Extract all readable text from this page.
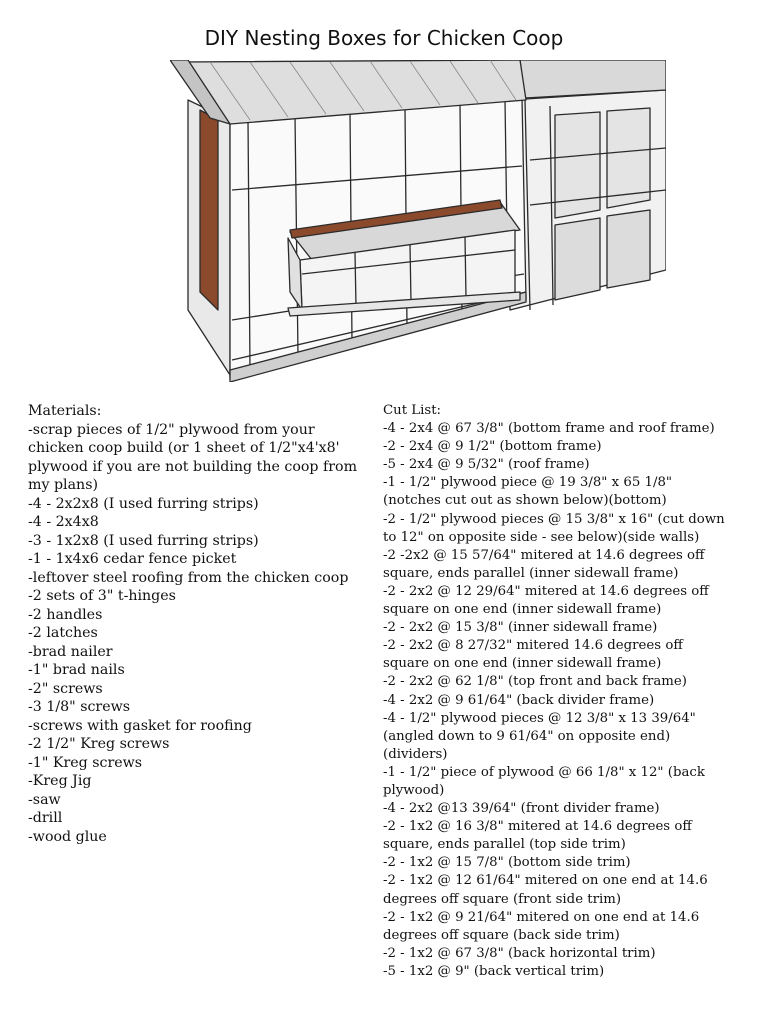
DIY Nesting Boxes for Chicken Coop
Materials:
-scrap pieces of 1/2" plywood from your chicken coop build (or 1 sheet of 1/2"x4'x8' plywood if you are not building the coop from my plans)
-4 - 2x2x8 (I used furring strips)
-4 - 2x4x8
-3 - 1x2x8 (I used furring strips)
-1 - 1x4x6 cedar fence picket
-leftover steel roofing from the chicken coop
-2 sets of 3" t-hinges
-2 handles
-2 latches
-brad nailer
-1" brad nails
-2" screws
-3 1/8" screws
-screws with gasket for roofing
-2 1/2" Kreg screws
-1" Kreg screws
-Kreg Jig
-saw
-drill
-wood glue
Cut List:
-4 - 2x4 @ 67 3/8" (bottom frame and roof frame)
-2 - 2x4 @ 9 1/2" (bottom frame)
-5 - 2x4 @ 9 5/32" (roof frame)
-1 - 1/2" plywood piece @ 19 3/8" x 65 1/8" (notches cut out as shown below)(bottom)
-2 - 1/2" plywood pieces @ 15 3/8" x 16" (cut down to 12" on opposite side - see below)(side walls)
-2 -2x2 @ 15 57/64" mitered at 14.6 degrees off square, ends parallel (inner sidewall frame)
-2 - 2x2 @ 12 29/64" mitered at 14.6 degrees off square on one end (inner sidewall frame)
-2 - 2x2 @ 15 3/8" (inner sidewall frame)
-2 - 2x2 @ 8 27/32" mitered 14.6 degrees off square on one end (inner sidewall frame)
-2 - 2x2 @ 62 1/8" (top front and back frame)
-4 - 2x2 @ 9 61/64" (back divider frame)
-4 - 1/2" plywood pieces @ 12 3/8" x 13 39/64" (angled down to 9 61/64" on opposite end) (dividers)
-1 - 1/2" piece of plywood @ 66 1/8" x 12" (back plywood)
-4 - 2x2 @13 39/64" (front divider frame)
-2 - 1x2 @ 16 3/8" mitered at 14.6 degrees off square, ends parallel (top side trim)
-2 - 1x2 @ 15 7/8" (bottom side trim)
-2 - 1x2 @ 12 61/64" mitered on one end at 14.6 degrees off square (front side trim)
-2 - 1x2 @ 9 21/64" mitered on one end at 14.6 degrees off square (back side trim)
-2 - 1x2 @ 67 3/8" (back horizontal trim)
-5 - 1x2 @ 9" (back vertical trim)
